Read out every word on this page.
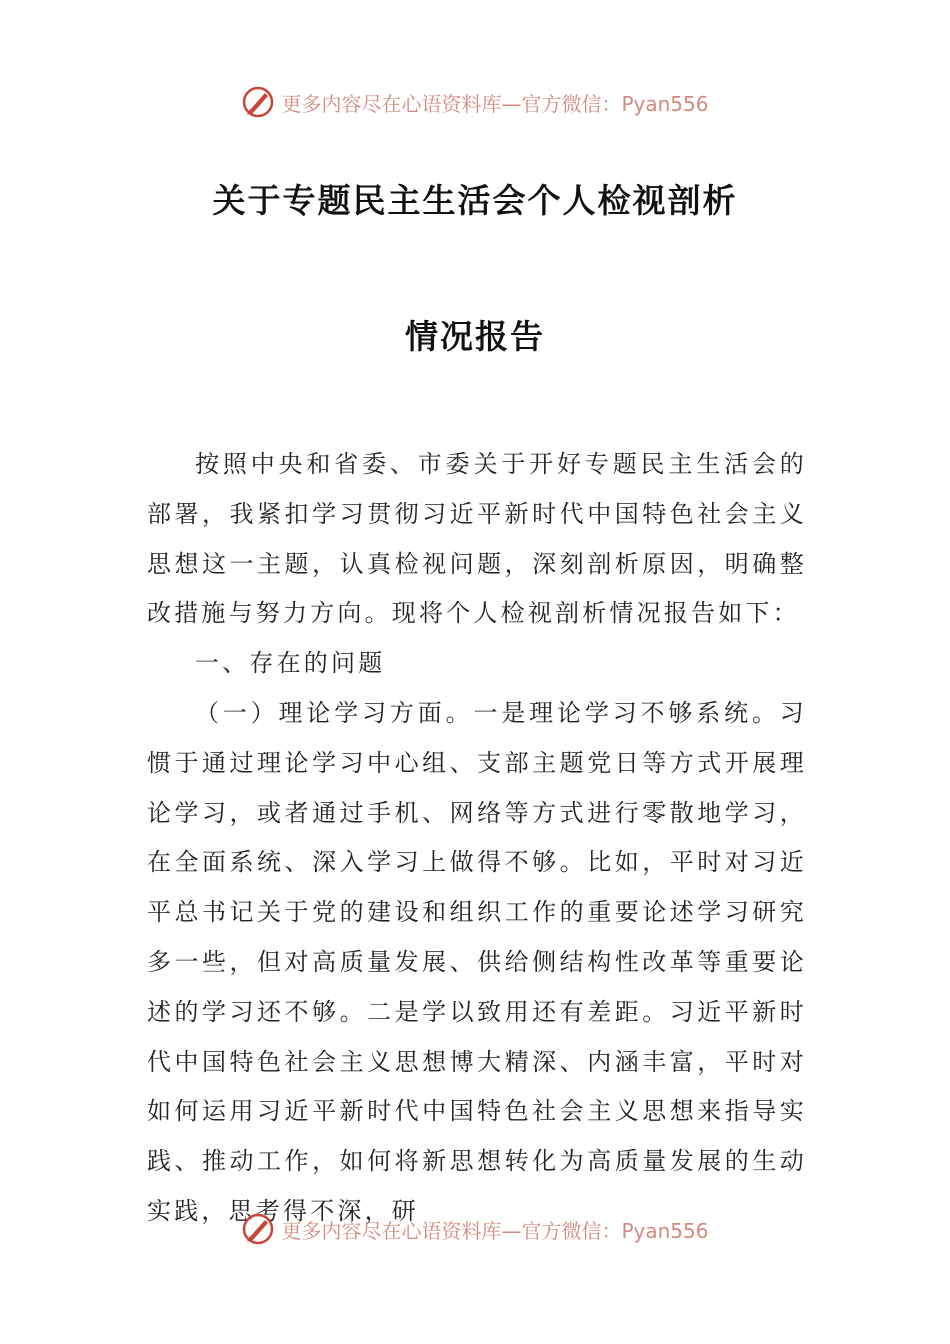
更多内容尽在心语资料库 —官方微信：Pyan556
关于专题民主生活会个人检视剖析
情况报告

按照中央和省委、市委关于开好专题民主生活会的部署，我紧扣学习贯彻习近平新时代中国特色社会主义思想这一主题，认真检视问题，深刻剖析原因，明确整改措施与努力方向。现将个人检视剖析情况报告如下：

一、存在的问题

（一）理论学习方面。一是理论学习不够系统。习惯于通过理论学习中心组、支部主题党日等方式开展理论学习，或者通过手机、网络等方式进行零散地学习，在全面系统、深入学习上做得不够。比如，平时对习近平总书记关于党的建设和组织工作的重要论述学习研究多一些，但对高质量发展、供给侧结构性改革等重要论述的学习还不够。二是学以致用还有差距。习近平新时代中国特色社会主义思想博大精深、内涵丰富，平时对如何运用习近平新时代中国特色社会主义思想来指导实践、推动工作，如何将新思想转化为高质量发展的生动实践，思考得不深，研

更多内容尽在心语资料库 —官方微信：Pyan556
